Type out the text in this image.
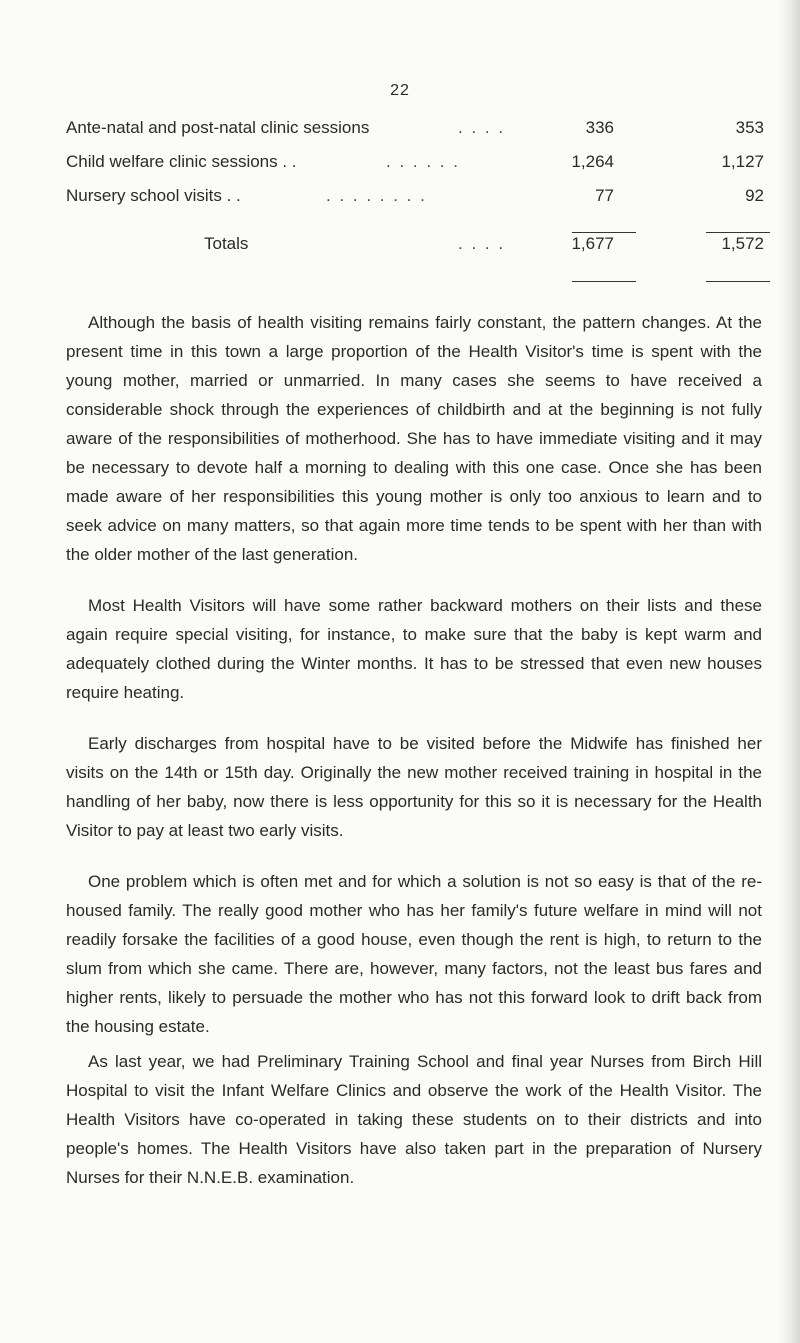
22
Ante-natal and post-natal clinic sessions	. . . .	336	353
Child welfare clinic sessions . .	. . . . . .	1,264	1,127
Nursery school visits . .	. . . . . . . .	77	92
Totals	. . . .	1,677	1,572

Although the basis of health visiting remains fairly constant, the pattern changes. At the present time in this town a large proportion of the Health Visitor's time is spent with the young mother, married or unmarried. In many cases she seems to have received a considerable shock through the experiences of childbirth and at the beginning is not fully aware of the responsibilities of motherhood. She has to have immediate visiting and it may be necessary to devote half a morning to dealing with this one case. Once she has been made aware of her responsibilities this young mother is only too anxious to learn and to seek advice on many matters, so that again more time tends to be spent with her than with the older mother of the last generation.

Most Health Visitors will have some rather backward mothers on their lists and these again require special visiting, for instance, to make sure that the baby is kept warm and adequately clothed during the Winter months. It has to be stressed that even new houses require heating.

Early discharges from hospital have to be visited before the Midwife has finished her visits on the 14th or 15th day. Originally the new mother received training in hospital in the handling of her baby, now there is less opportunity for this so it is necessary for the Health Visitor to pay at least two early visits.

One problem which is often met and for which a solution is not so easy is that of the re-housed family. The really good mother who has her family's future welfare in mind will not readily forsake the facilities of a good house, even though the rent is high, to return to the slum from which she came. There are, however, many factors, not the least bus fares and higher rents, likely to persuade the mother who has not this forward look to drift back from the housing estate.

As last year, we had Preliminary Training School and final year Nurses from Birch Hill Hospital to visit the Infant Welfare Clinics and observe the work of the Health Visitor. The Health Visitors have co-operated in taking these students on to their districts and into people's homes. The Health Visitors have also taken part in the preparation of Nursery Nurses for their N.N.E.B. examination.
